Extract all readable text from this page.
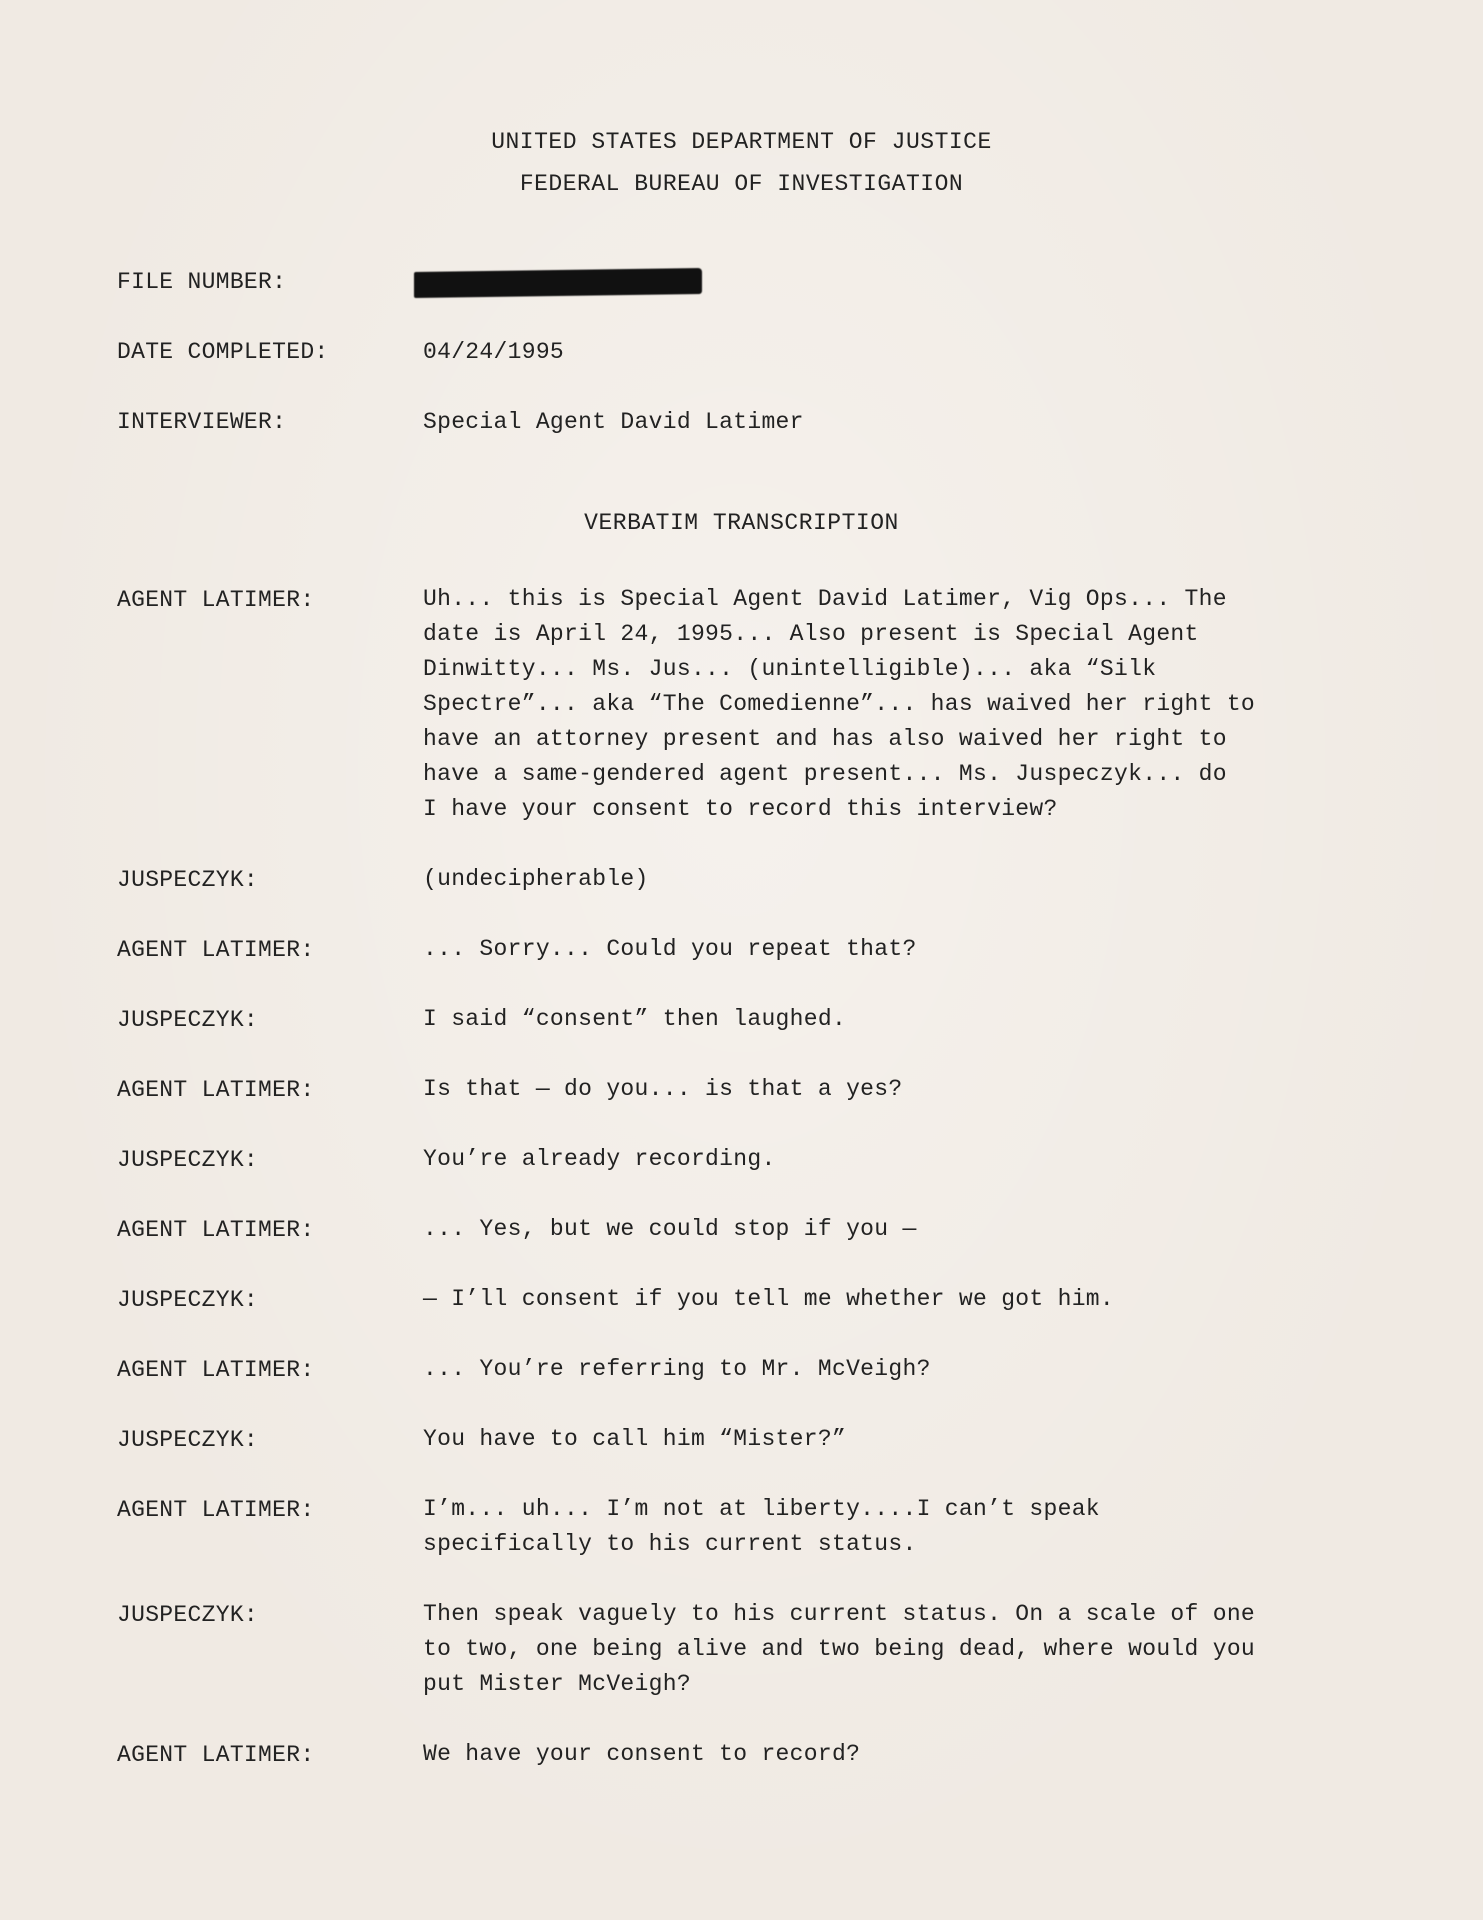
UNITED STATES DEPARTMENT OF JUSTICE
FEDERAL BUREAU OF INVESTIGATION
FILE NUMBER:
DATE COMPLETED:	04/24/1995
INTERVIEWER:	Special Agent David Latimer
VERBATIM TRANSCRIPTION
AGENT LATIMER:	Uh... this is Special Agent David Latimer, Vig Ops... The
date is April 24, 1995... Also present is Special Agent
Dinwitty... Ms. Jus... (unintelligible)... aka “Silk
Spectre”... aka “The Comedienne”... has waived her right to
have an attorney present and has also waived her right to
have a same-gendered agent present... Ms. Juspeczyk... do
I have your consent to record this interview?
JUSPECZYK:	(undecipherable)
AGENT LATIMER:	... Sorry... Could you repeat that?
JUSPECZYK:	I said “consent” then laughed.
AGENT LATIMER:	Is that — do you... is that a yes?
JUSPECZYK:	You’re already recording.
AGENT LATIMER:	... Yes, but we could stop if you —
JUSPECZYK:	— I’ll consent if you tell me whether we got him.
AGENT LATIMER:	... You’re referring to Mr. McVeigh?
JUSPECZYK:	You have to call him “Mister?”
AGENT LATIMER:	I’m... uh... I’m not at liberty....I can’t speak
specifically to his current status.
JUSPECZYK:	Then speak vaguely to his current status. On a scale of one
to two, one being alive and two being dead, where would you
put Mister McVeigh?
AGENT LATIMER:	We have your consent to record?
